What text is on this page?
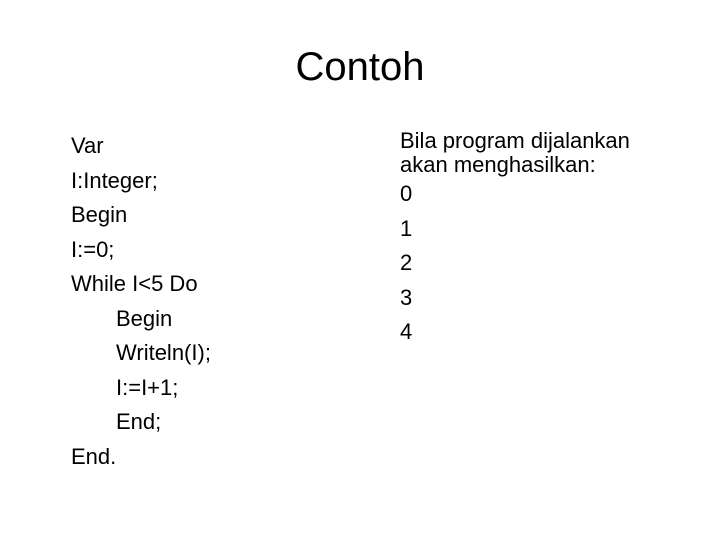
Contoh
Var
I:Integer;
Begin
I:=0;
While I<5 Do
Begin
Writeln(I);
I:=I+1;
End;
End.
Bila program dijalankan
akan menghasilkan:
0
1
2
3
4
